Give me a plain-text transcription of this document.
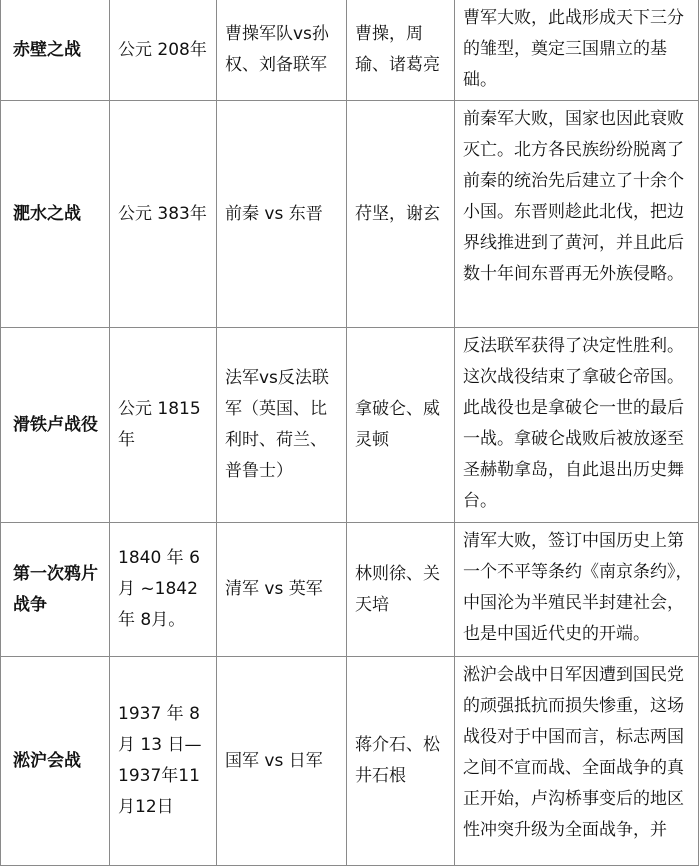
赤壁之战	公元 208年	曹操军队vs孙权、刘备联军	曹操，周瑜、诸葛亮	曹军大败，此战形成天下三分的雏型，奠定三国鼎立的基础。
淝水之战	公元 383年	前秦 vs 东晋	苻坚，谢玄	前秦军大败，国家也因此衰败灭亡。北方各民族纷纷脱离了前秦的统治先后建立了十余个小国。东晋则趁此北伐，把边界线推进到了黄河，并且此后数十年间东晋再无外族侵略。
滑铁卢战役	公元 1815年	法军vs反法联军（英国、比利时、荷兰、普鲁士）	拿破仑、威灵顿	反法联军获得了决定性胜利。这次战役结束了拿破仑帝国。此战役也是拿破仑一世的最后一战。拿破仑战败后被放逐至圣赫勒拿岛，自此退出历史舞台。
第一次鸦片战争	1840 年 6 月 ~1842 年 8月。	清军 vs 英军	林则徐、关天培	清军大败，签订中国历史上第一个不平等条约《南京条约》，中国沦为半殖民半封建社会，也是中国近代史的开端。
淞沪会战	1937 年 8 月 13 日—1937年11月12日	国军 vs 日军	蒋介石、松井石根	淞沪会战中日军因遭到国民党的顽强抵抗而损失惨重，这场战役对于中国而言，标志两国之间不宣而战、全面战争的真正开始，卢沟桥事变后的地区性冲突升级为全面战争，并
